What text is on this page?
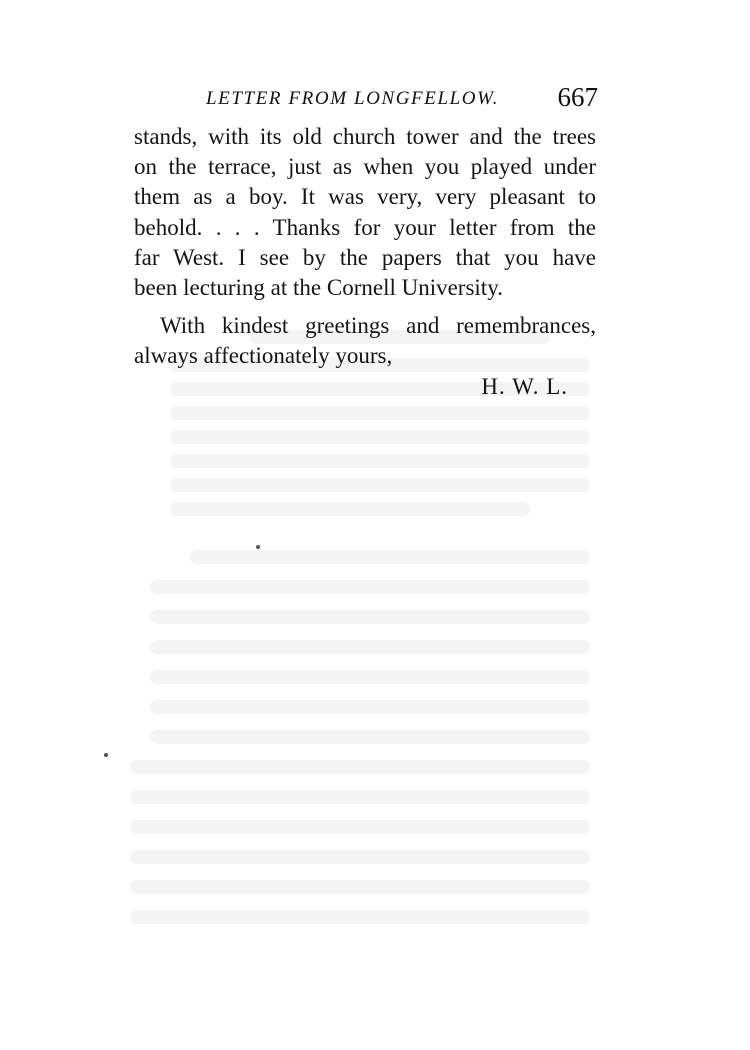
LETTER FROM LONGFELLOW. 667
stands, with its old church tower and the trees
on the terrace, just as when you played under
them as a boy. It was very, very pleasant to
behold. . . . Thanks for your letter from the
far West. I see by the papers that you have
been lecturing at the Cornell University.
With kindest greetings and remembrances,
always affectionately yours,
H. W. L.
